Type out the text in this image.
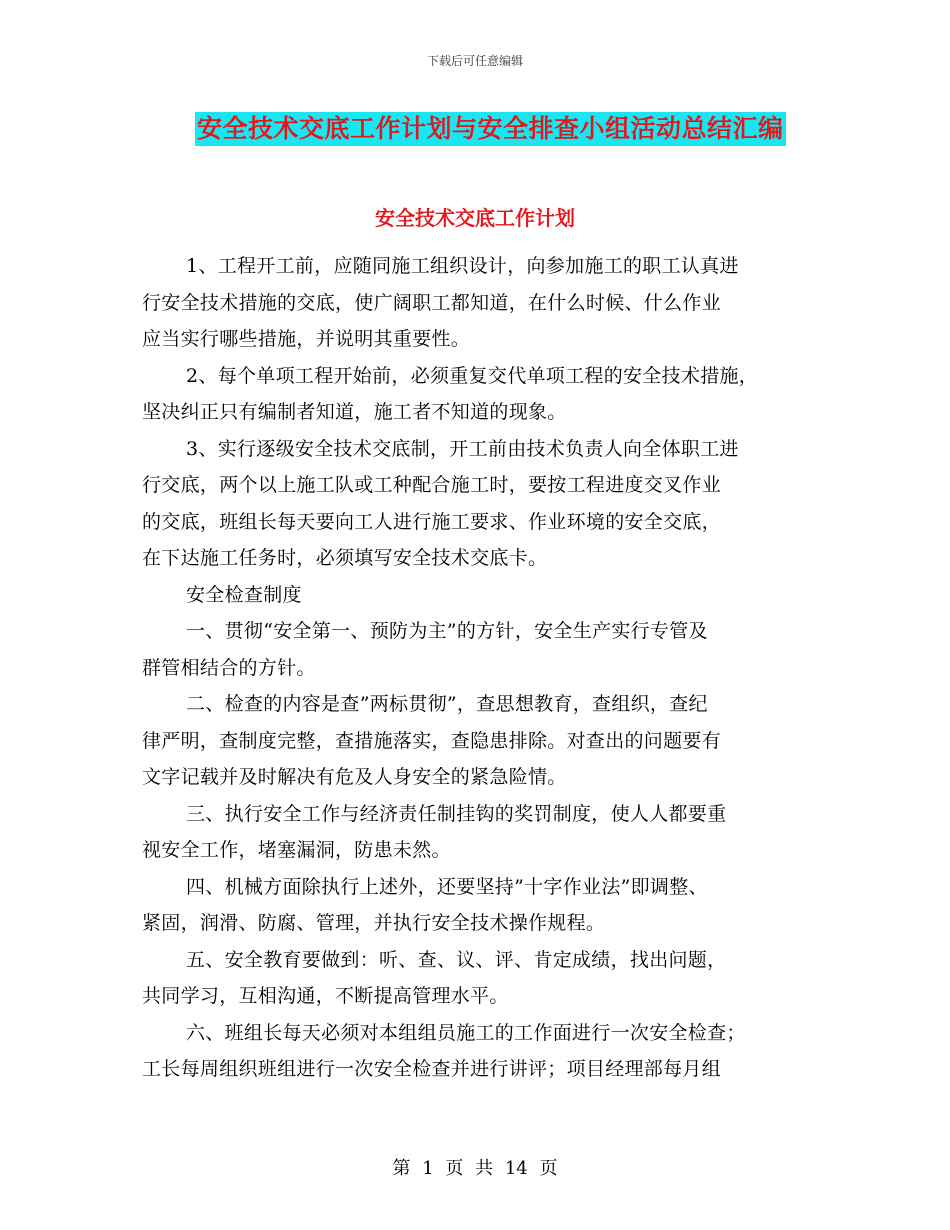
下载后可任意编辑
安全技术交底工作计划与安全排查小组活动总结汇编
安全技术交底工作计划
1、工程开工前，应随同施工组织设计，向参加施工的职工认真进
行安全技术措施的交底，使广阔职工都知道，在什么时候、什么作业
应当实行哪些措施，并说明其重要性。
2、每个单项工程开始前，必须重复交代单项工程的安全技术措施，
坚决纠正只有编制者知道，施工者不知道的现象。
3、实行逐级安全技术交底制，开工前由技术负责人向全体职工进
行交底，两个以上施工队或工种配合施工时，要按工程进度交叉作业
的交底，班组长每天要向工人进行施工要求、作业环境的安全交底，
在下达施工任务时，必须填写安全技术交底卡。
安全检查制度
一、贯彻“安全第一、预防为主”的方针，安全生产实行专管及
群管相结合的方针。
二、检查的内容是查”两标贯彻”，查思想教育，查组织，查纪
律严明，查制度完整，查措施落实，查隐患排除。对查出的问题要有
文字记载并及时解决有危及人身安全的紧急险情。
三、执行安全工作与经济责任制挂钩的奖罚制度，使人人都要重
视安全工作，堵塞漏洞，防患未然。
四、机械方面除执行上述外，还要坚持”十字作业法”即调整、
紧固，润滑、防腐、管理，并执行安全技术操作规程。
五、安全教育要做到：听、查、议、评、肯定成绩，找出问题，
共同学习，互相沟通，不断提高管理水平。
六、班组长每天必须对本组组员施工的工作面进行一次安全检查；
工长每周组织班组进行一次安全检查并进行讲评；项目经理部每月组
第 1 页 共 14 页
